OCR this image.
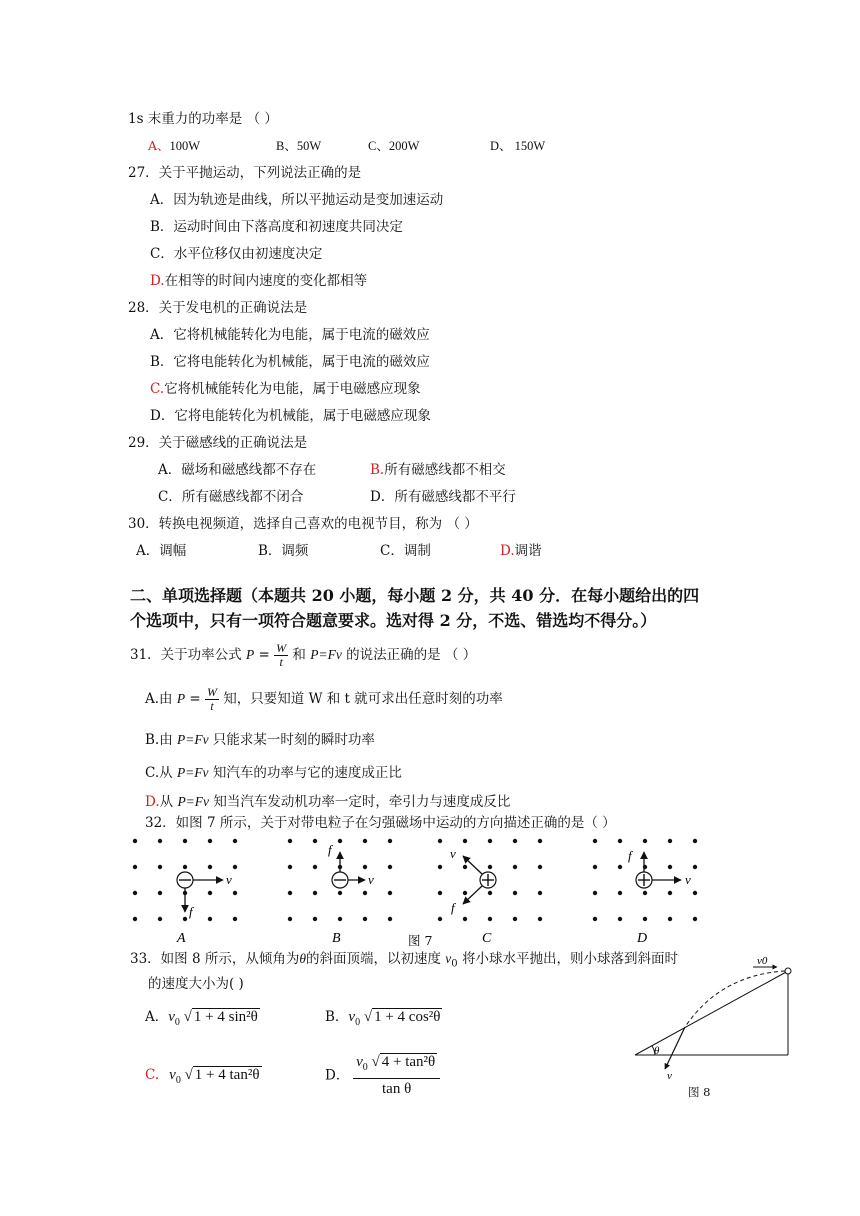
1s 末重力的功率是 （ ）
A、100W	B、50W	C、200W	D、 150W
27．关于平抛运动，下列说法正确的是
A．因为轨迹是曲线，所以平抛运动是变加速运动
B．运动时间由下落高度和初速度共同决定
C．水平位移仅由初速度决定
D.在相等的时间内速度的变化都相等
28．关于发电机的正确说法是
A．它将机械能转化为电能，属于电流的磁效应
B．它将电能转化为机械能，属于电流的磁效应
C.它将机械能转化为电能，属于电磁感应现象
D．它将电能转化为机械能，属于电磁感应现象
29．关于磁感线的正确说法是
A．磁场和磁感线都不存在	B.所有磁感线都不相交
C．所有磁感线都不闭合	D．所有磁感线都不平行
30．转换电视频道，选择自己喜欢的电视节目，称为 （ ）
A．调幅	B．调频	C．调制	D.调谐
二、单项选择题（本题共 20 小题，每小题 2 分，共 40 分．在每小题给出的四
个选项中，只有一项符合题意要求。选对得 2 分，不选、错选均不得分。）
31．关于功率公式 $P = \frac{W}{t}$ 和 P=Fv 的说法正确的是 （ ）
A.由 $P = \frac{W}{t}$ 知，只要知道 W 和 t 就可求出任意时刻的功率
B.由 P=Fv 只能求某一时刻的瞬时功率
C.从 P=Fv 知汽车的功率与它的速度成正比
D.从 P=Fv 知当汽车发动机功率一定时，牵引力与速度成反比
32．如图 7 所示，关于对带电粒子在匀强磁场中运动的方向描述正确的是（ ）
v
f
A
v
f
B
v
f
C
v
f
D
图 7
33．如图 8 所示，从倾角为θ的斜面顶端，以初速度 $v_0$ 将小球水平抛出，则小球落到斜面时
的速度大小为( )
A．$v_0$ √ 1 + 4 sin²θ	B．$v_0$ √ 1 + 4 cos²θ
C. $v_0$ √ 1 + 4 tan²θ	D． $\frac{v_0 √ 4 + \tan^2\theta}{\text{tan θ}}$
v0
v
θ
图 8
